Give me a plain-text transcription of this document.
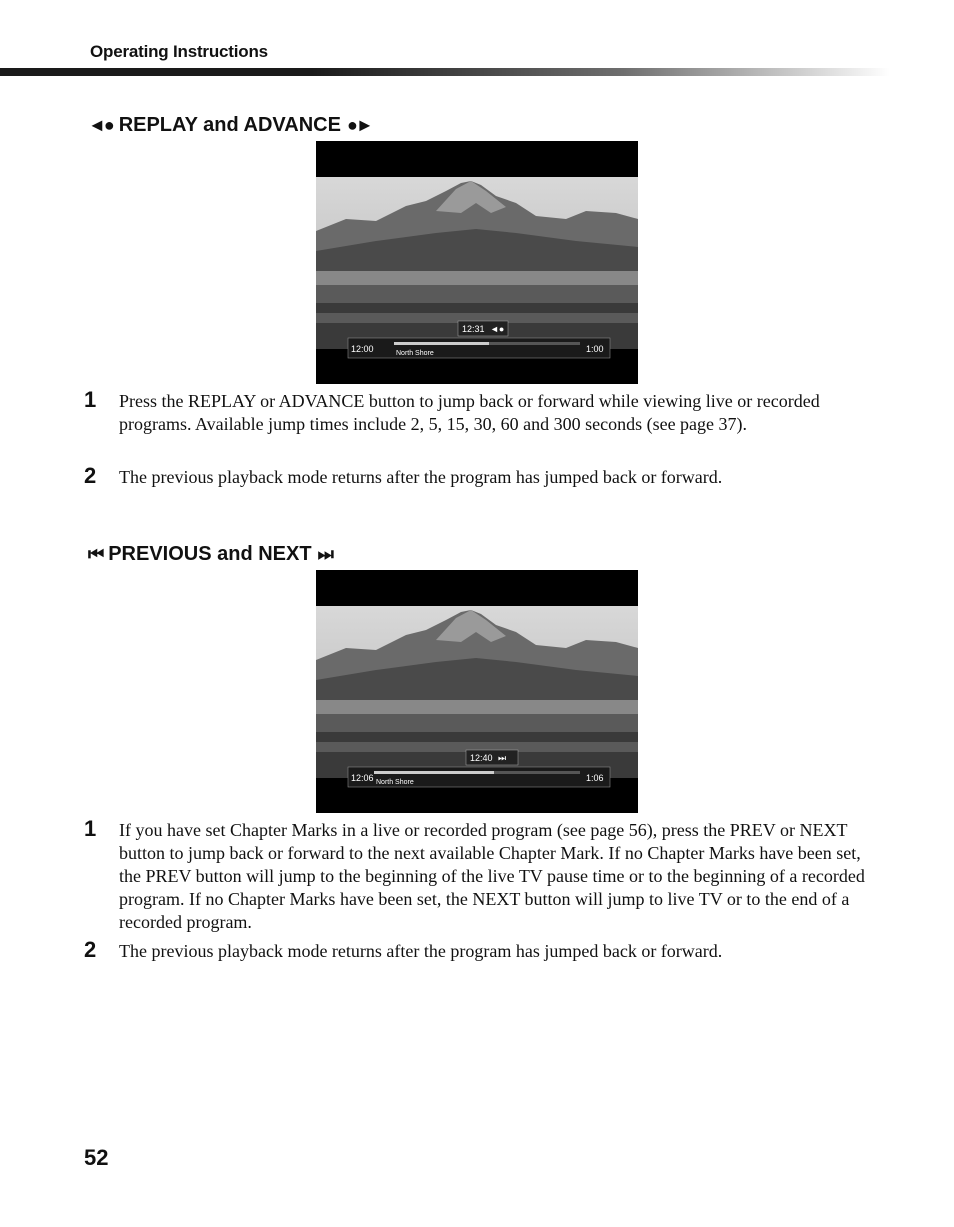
Operating Instructions
◄● REPLAY and ADVANCE ●►
12:31 ◄●
12:00	1:00
North Shore
1 Press the REPLAY or ADVANCE button to jump back or forward while viewing live or recorded programs. Available jump times include 2, 5, 15, 30, 60 and 300 seconds (see page 37).
2 The previous playback mode returns after the program has jumped back or forward.
⏮ PREVIOUS and NEXT ⏭
12:40 ⏭
12:06	1:06
North Shore
1 If you have set Chapter Marks in a live or recorded program (see page 56), press the PREV or NEXT button to jump back or forward to the next available Chapter Mark. If no Chapter Marks have been set, the PREV button will jump to the beginning of the live TV pause time or to the beginning of a recorded program. If no Chapter Marks have been set, the NEXT button will jump to live TV or to the end of a recorded program.
2 The previous playback mode returns after the program has jumped back or forward.
52
